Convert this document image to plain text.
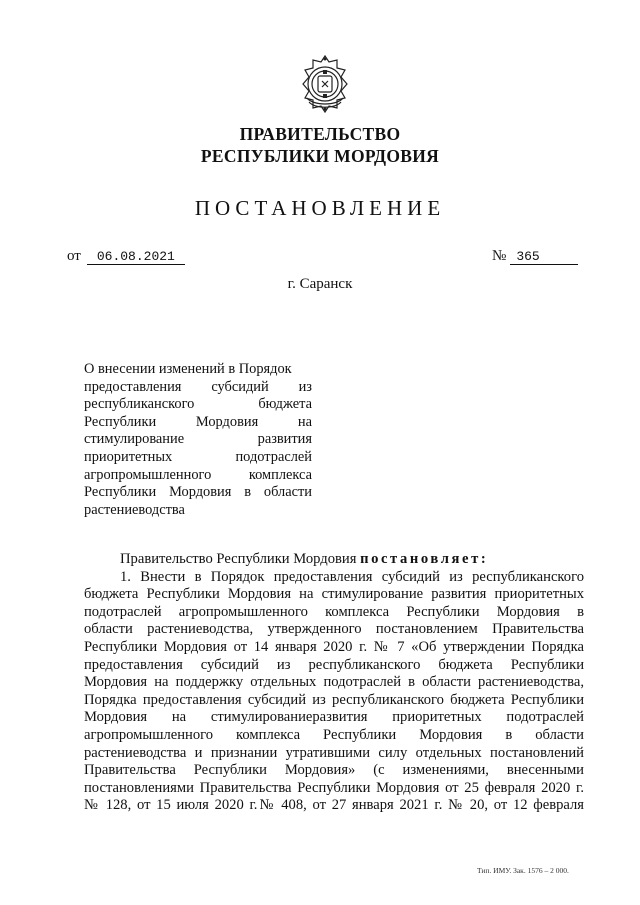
ПРАВИТЕЛЬСТВО
РЕСПУБЛИКИ МОРДОВИЯ
ПОСТАНОВЛЕНИЕ
от 06.08.2021	№ 365
г. Саранск
О внесении изменений в Порядок
предоставления субсидий из
республиканского бюджета
Республики Мордовия на
стимулирование развития
приоритетных подотраслей
агропромышленного комплекса
Республики Мордовия в области
растениеводства
Правительство Республики Мордовия постановляет:
1. Внести в Порядок предоставления субсидий из республиканского
бюджета Республики Мордовия на стимулирование развития приоритетных
подотраслей агропромышленного комплекса Республики Мордовия в
области растениеводства, утвержденного постановлением Правительства
Республики Мордовия от 14 января 2020 г. № 7 «Об утверждении Порядка
предоставления субсидий из республиканского бюджета Республики
Мордовия на поддержку отдельных подотраслей в области растениеводства,
Порядка предоставления субсидий из республиканского бюджета Республики
Мордовия на стимулированиеразвития приоритетных подотраслей
агропромышленного комплекса Республики Мордовия в области
растениеводства и признании утратившими силу отдельных постановлений
Правительства Республики Мордовия» (с изменениями, внесенными
постановлениями Правительства Республики Мордовия от 25 февраля 2020 г.
№ 128, от 15 июля 2020 г.№ 408, от 27 января 2021 г. № 20, от 12 февраля
Тип. ИМУ. Зак. 1576 – 2 000.
